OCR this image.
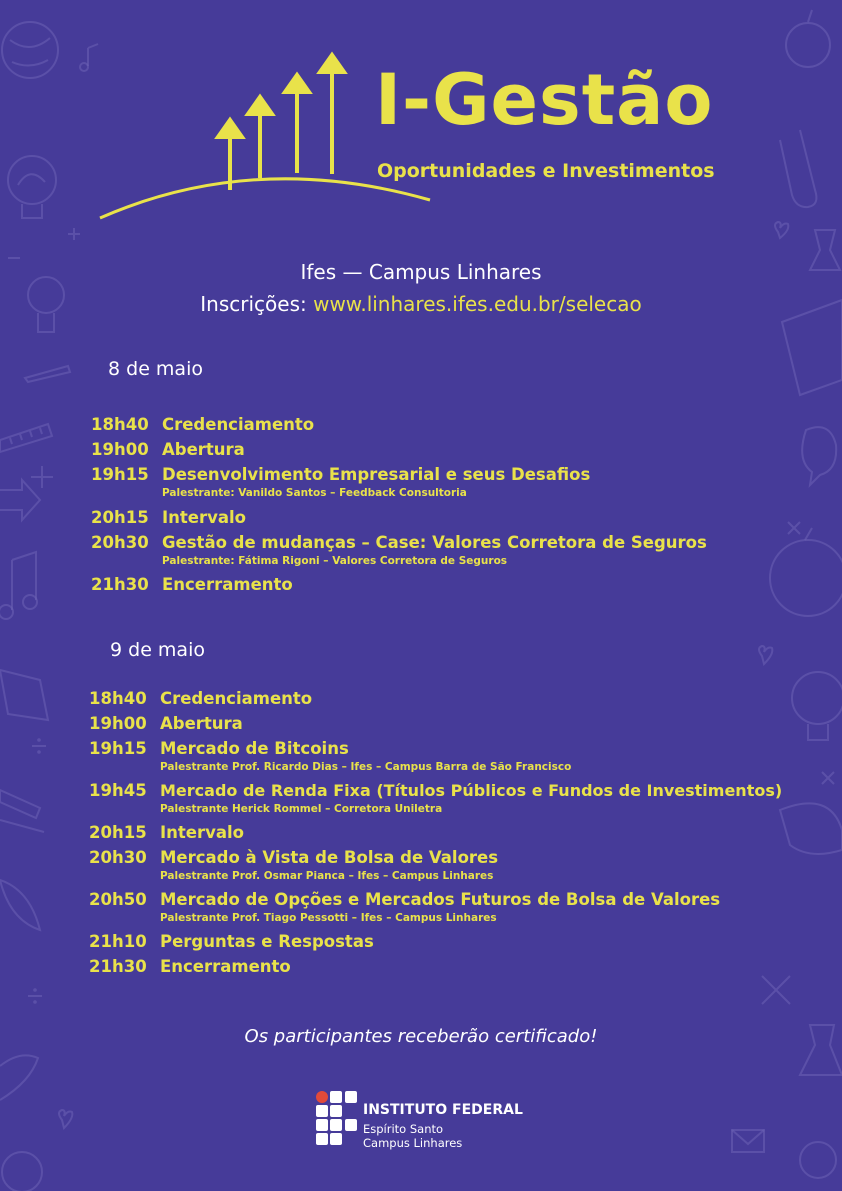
I-Gestão
Oportunidades e Investimentos
Ifes — Campus Linhares
Inscrições: www.linhares.ifes.edu.br/selecao
8 de maio
18h40 Credenciamento
19h00 Abertura
19h15 Desenvolvimento Empresarial e seus Desafios
Palestrante: Vanildo Santos – Feedback Consultoria
20h15 Intervalo
20h30 Gestão de mudanças – Case: Valores Corretora de Seguros
Palestrante: Fátima Rigoni – Valores Corretora de Seguros
21h30 Encerramento
9 de maio
18h40 Credenciamento
19h00 Abertura
19h15 Mercado de Bitcoins
Palestrante Prof. Ricardo Dias – Ifes – Campus Barra de São Francisco
19h45 Mercado de Renda Fixa (Títulos Públicos e Fundos de Investimentos)
Palestrante Herick Rommel – Corretora Uniletra
20h15 Intervalo
20h30 Mercado à Vista de Bolsa de Valores
Palestrante Prof. Osmar Pianca – Ifes – Campus Linhares
20h50 Mercado de Opções e Mercados Futuros de Bolsa de Valores
Palestrante Prof. Tiago Pessotti – Ifes – Campus Linhares
21h10 Perguntas e Respostas
21h30 Encerramento
Os participantes receberão certificado!
INSTITUTO FEDERAL
Espírito Santo
Campus Linhares
